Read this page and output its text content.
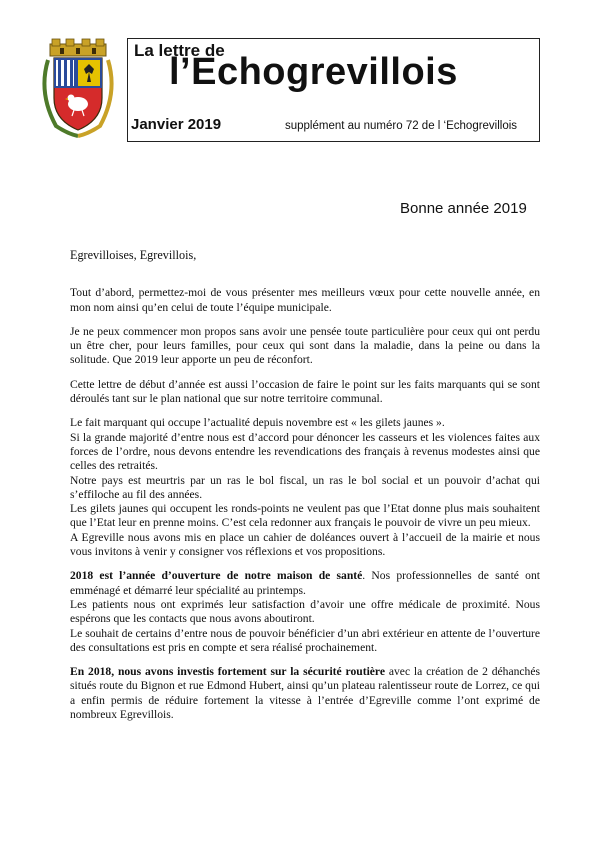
La lettre de
l’Echogrevillois
Janvier 2019	supplément au numéro 72 de l ‘Echogrevillois
Bonne année 2019

Egrevilloises, Egrevillois,

Tout d’abord, permettez-moi de vous présenter mes meilleurs vœux pour cette nouvelle année, en mon nom ainsi qu’en celui de toute l’équipe municipale.

Je ne peux commencer mon propos sans avoir une pensée toute particulière pour ceux qui ont perdu un être cher, pour leurs familles, pour ceux qui sont dans la maladie, dans la peine ou dans la solitude. Que 2019 leur apporte un peu de réconfort.

Cette lettre de début d’année est aussi l’occasion de faire le point sur les faits marquants qui se sont déroulés tant sur le plan national que sur notre territoire communal.

Le fait marquant qui occupe l’actualité depuis novembre est « les gilets jaunes ».
Si la grande majorité d’entre nous est d’accord pour dénoncer les casseurs et les violences faites aux forces de l’ordre, nous devons entendre les revendications des français à revenus modestes ainsi que celles des retraités.
Notre pays est meurtris par un ras le bol fiscal, un ras le bol social et un pouvoir d’achat qui s’effiloche au fil des années.
Les gilets jaunes qui occupent les ronds-points ne veulent pas que l’Etat donne plus mais souhaitent que l’Etat leur en prenne moins. C’est cela redonner aux français le pouvoir de vivre un peu mieux.
A Egreville nous avons mis en place un cahier de doléances ouvert à l’accueil de la mairie et nous vous invitons à venir y consigner vos réflexions et vos propositions.

2018 est l’année d’ouverture de notre maison de santé. Nos professionnelles de santé ont emménagé et démarré leur spécialité au printemps.
Les patients nous ont exprimés leur satisfaction d’avoir une offre médicale de proximité. Nous espérons que les contacts que nous avons aboutiront.
Le souhait de certains d’entre nous de pouvoir bénéficier d’un abri extérieur en attente de l’ouverture des consultations est pris en compte et sera réalisé prochainement.

En 2018, nous avons investis fortement sur la sécurité routière avec la création de 2 déhanchés situés route du Bignon et rue Edmond Hubert, ainsi qu’un plateau ralentisseur route de Lorrez, ce qui a enfin permis de réduire fortement la vitesse à l’entrée d’Egreville comme l’ont exprimé de nombreux Egrevillois.
